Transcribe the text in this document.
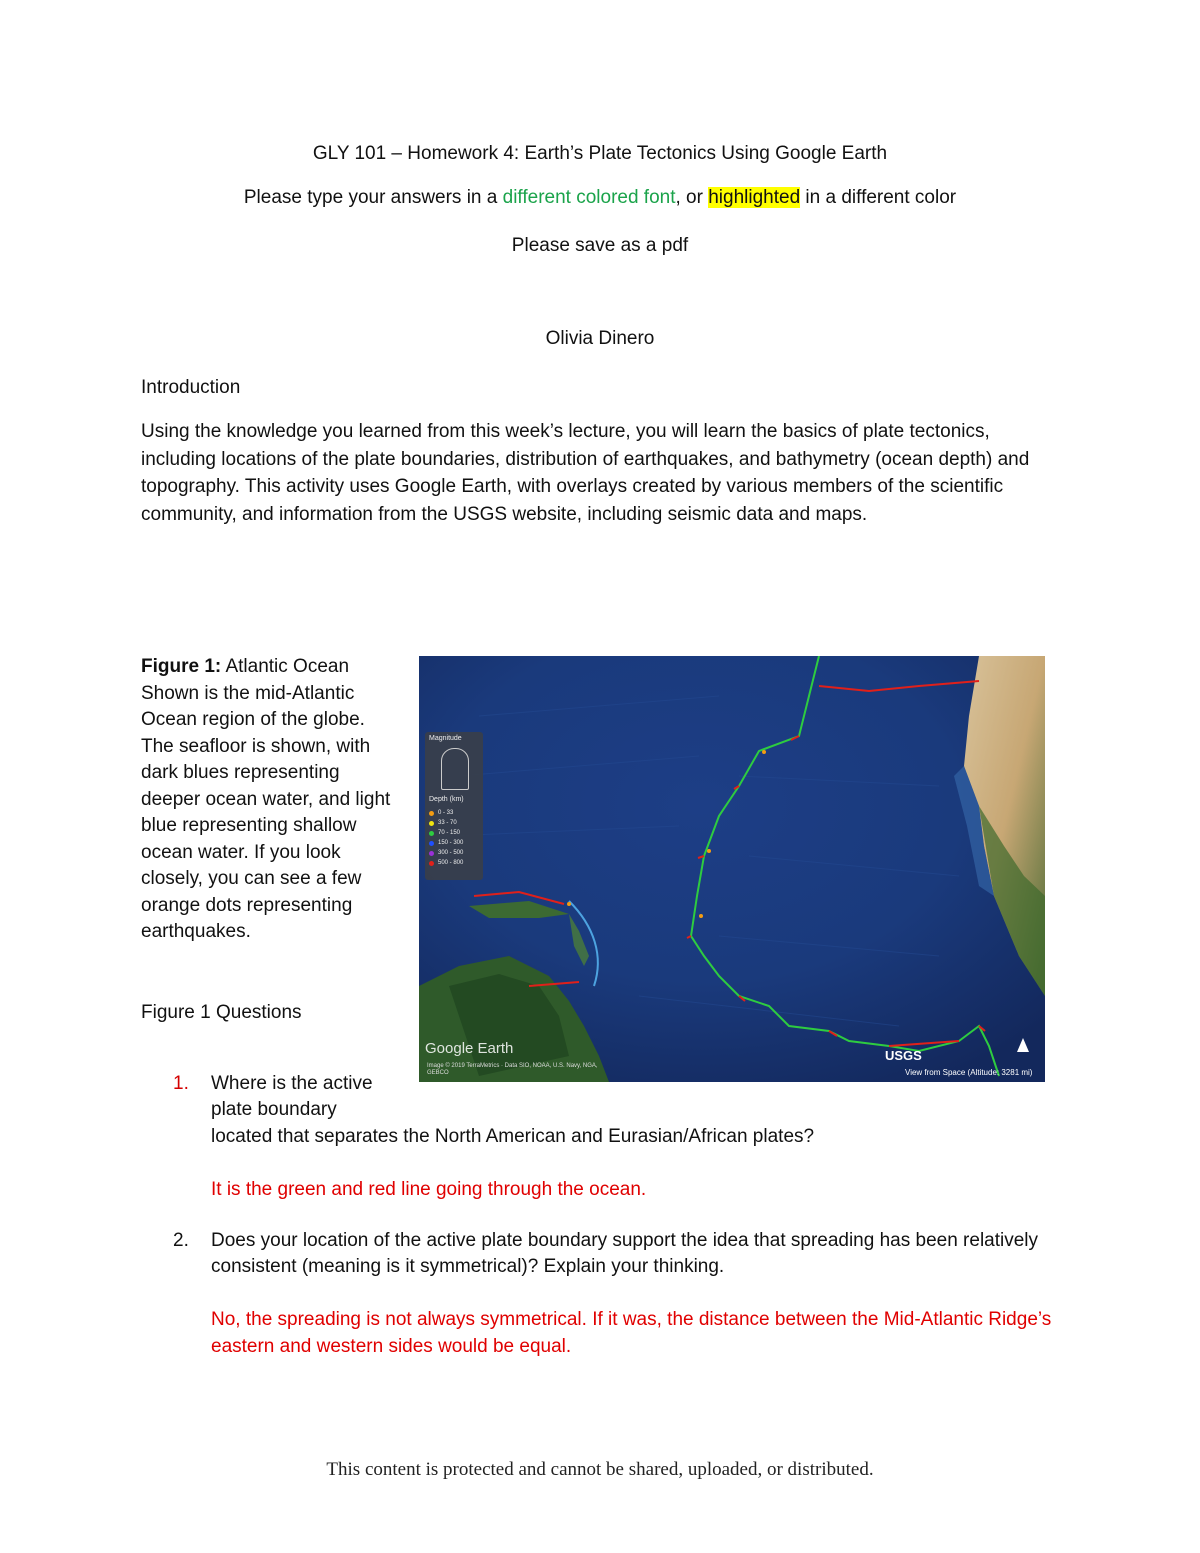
GLY 101 – Homework 4: Earth’s Plate Tectonics Using Google Earth
Please type your answers in a different colored font, or highlighted in a different color
Please save as a pdf
Olivia Dinero
Introduction
Using the knowledge you learned from this week’s lecture, you will learn the basics of plate tectonics, including locations of the plate boundaries, distribution of earthquakes, and bathymetry (ocean depth) and topography. This activity uses Google Earth, with overlays created by various members of the scientific community, and information from the USGS website, including seismic data and maps.
Figure 1: Atlantic Ocean
Shown is the mid-Atlantic Ocean region of the globe. The seafloor is shown, with dark blues representing deeper ocean water, and light blue representing shallow ocean water. If you look closely, you can see a few orange dots representing earthquakes.
Magnitude
Depth (km)
0 - 33
33 - 70
70 - 150
150 - 300
300 - 500
500 - 800
Google Earth
Image © 2019 TerraMetrics · Data SIO, NOAA, U.S. Navy, NGA, GEBCO
USGS
View from Space (Altitude: 3281 mi)
Figure 1 Questions
1. Where is the active plate boundary
located that separates the North American and Eurasian/African plates?
It is the green and red line going through the ocean.
2. Does your location of the active plate boundary support the idea that spreading has been relatively consistent (meaning is it symmetrical)? Explain your thinking.
No, the spreading is not always symmetrical. If it was, the distance between the Mid-Atlantic Ridge’s eastern and western sides would be equal.
This content is protected and cannot be shared, uploaded, or distributed.
